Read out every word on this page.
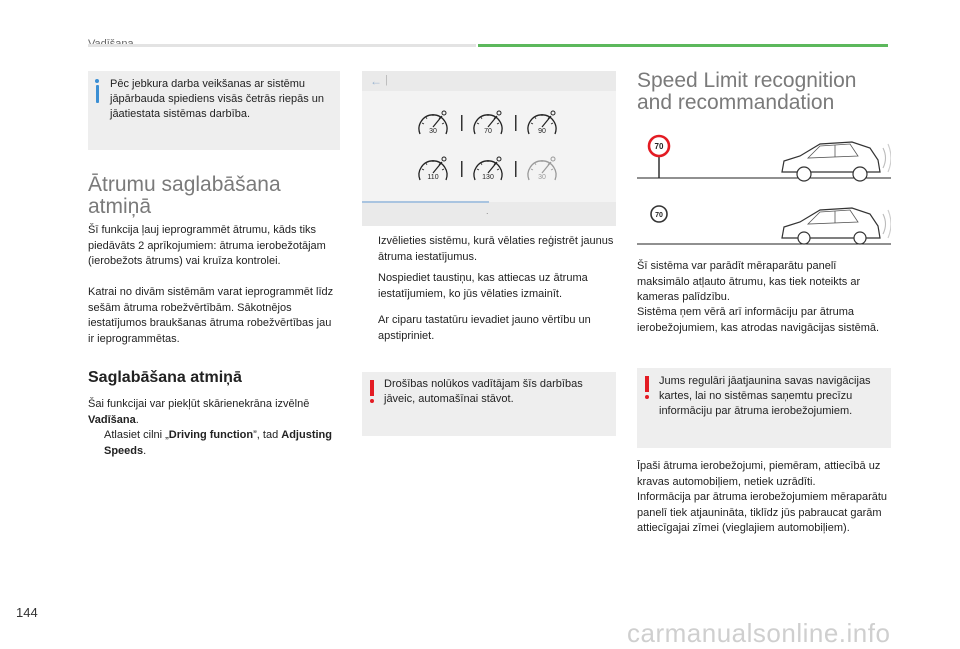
Pēc jebkura darba veikšanas ar sistēmu jāpārbauda spiediens visās četrās riepās un jāatiestata sistēmas darbība.
Ātrumu saglabāšana
atmiņā
Šī funkcija ļauj ieprogrammēt ātrumu, kāds tiks piedāvāts 2 aprīkojumiem: ātruma ierobežotājam (ierobežots ātrums) vai kruīza kontrolei.
Katrai no divām sistēmām varat ieprogrammēt līdz sešām ātruma robežvērtībām. Sākotnējos iestatījumos braukšanas ātruma robežvērtības jau ir ieprogrammētas.
Saglabāšana atmiņā
Šai funkcijai var piekļūt skārienekrāna izvēlnē Vadīšana.
Atlasiet cilni „Driving function”, tad Adjusting Speeds.
← |
.
30	70	90
110	130	30
Izvēlieties sistēmu, kurā vēlaties reģistrēt jaunus ātruma iestatījumus.
Nospiediet taustiņu, kas attiecas uz ātruma iestatījumiem, ko jūs vēlaties izmainīt.
Ar ciparu tastatūru ievadiet jauno vērtību un apstipriniet.
Drošības nolūkos vadītājam šīs darbības jāveic, automašīnai stāvot.
Speed Limit recognition
and recommandation
70
70
Šī sistēma var parādīt mēraparātu panelī maksimālo atļauto ātrumu, kas tiek noteikts ar kameras palīdzību.
Sistēma ņem vērā arī informāciju par ātruma ierobežojumiem, kas atrodas navigācijas sistēmā.
Jums regulāri jāatjaunina savas navigācijas kartes, lai no sistēmas saņemtu precīzu informāciju par ātruma ierobežojumiem.
Īpaši ātruma ierobežojumi, piemēram, attiecībā uz kravas automobiļiem, netiek uzrādīti.
Informācija par ātruma ierobežojumiem mēraparātu panelī tiek atjaunināta, tiklīdz jūs pabraucat garām attiecīgajai zīmei (vieglajiem automobiļiem).
144
carmanualsonline.info
